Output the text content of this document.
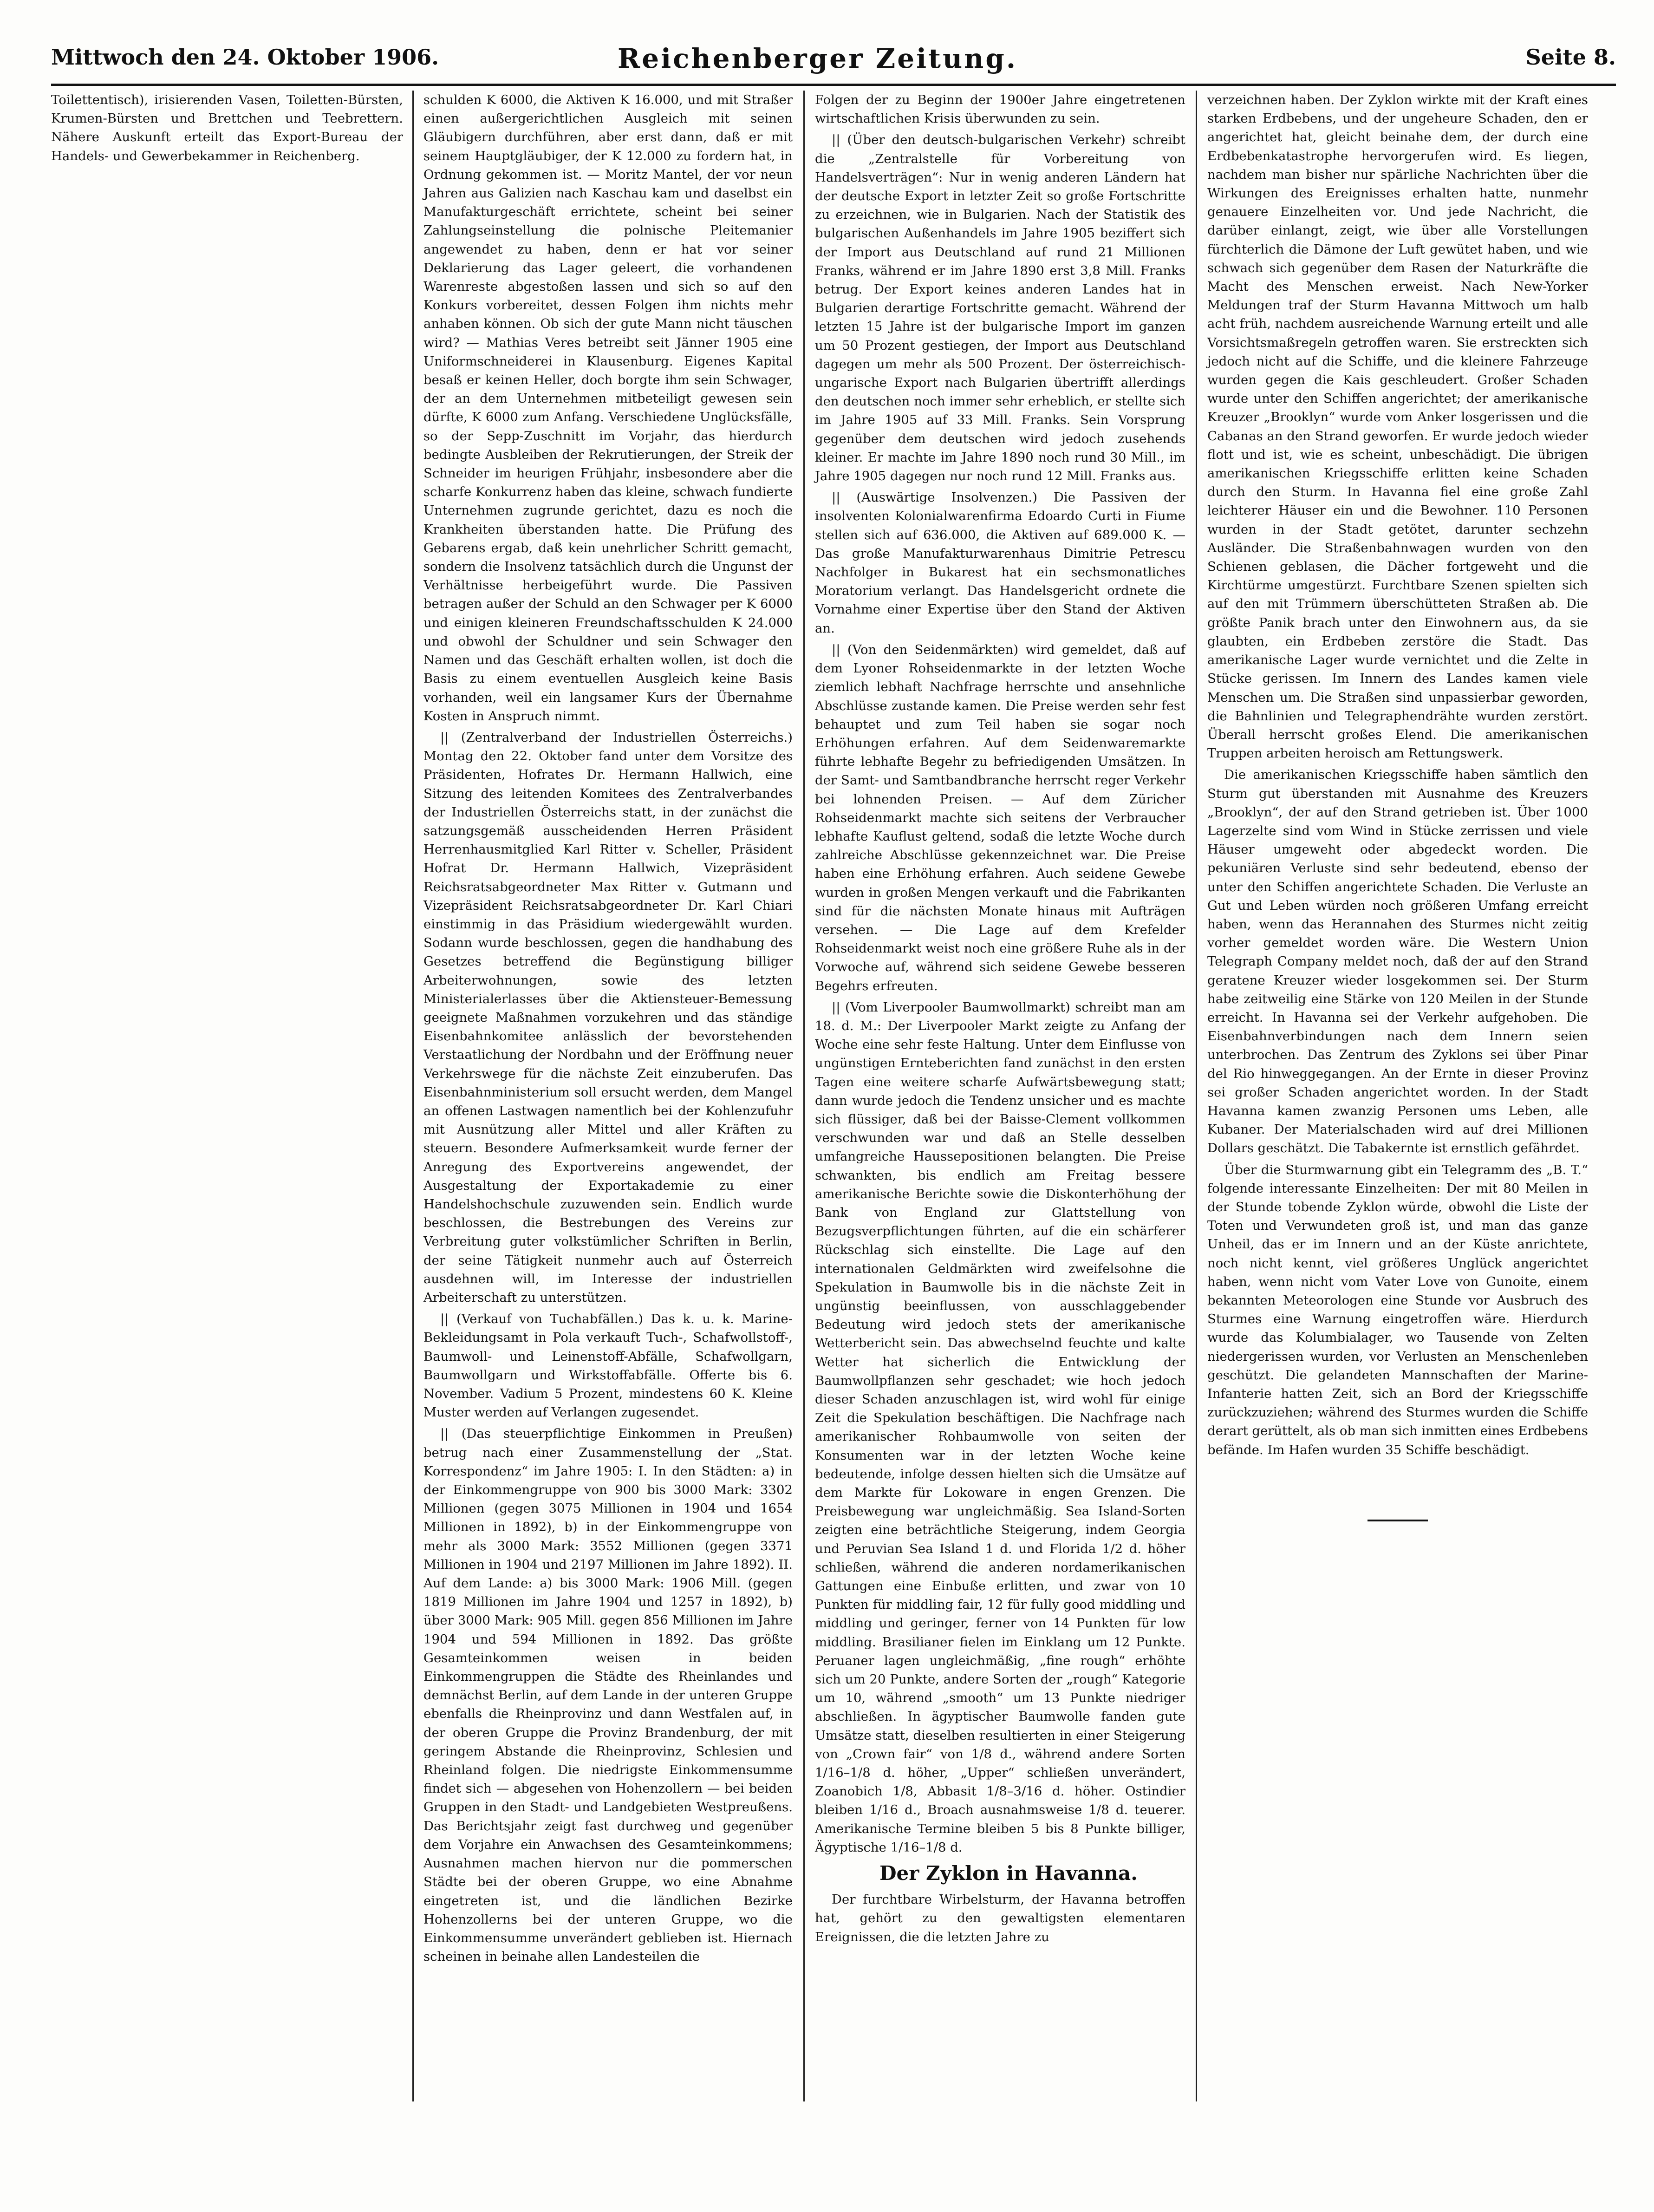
Mittwoch den 24. Oktober 1906.	Reichenberger Zeitung.	Seite 8.

Toilettentisch), irisierenden Vasen, Toiletten-Bürsten, Krumen-Bürsten und Brettchen und Teebrettern. Nähere Auskunft erteilt das Export-Bureau der Handels- und Gewerbekammer in Reichenberg.

schulden K 6000, die Aktiven K 16.000, und mit Straßer einen außergerichtlichen Ausgleich mit seinen Gläubigern durchführen, aber erst dann, daß er mit seinem Hauptgläubiger, der K 12.000 zu fordern hat, in Ordnung gekommen ist. — Moritz Mantel, der vor neun Jahren aus Galizien nach Kaschau kam und daselbst ein Manufakturgeschäft errichtete, scheint bei seiner Zahlungseinstellung die polnische Pleitemanier angewendet zu haben, denn er hat vor seiner Deklarierung das Lager geleert, die vorhandenen Warenreste abgestoßen lassen und sich so auf den Konkurs vorbereitet, dessen Folgen ihm nichts mehr anhaben können. Ob sich der gute Mann nicht täuschen wird? — Mathias Veres betreibt seit Jänner 1905 eine Uniformschneiderei in Klausenburg. Eigenes Kapital besaß er keinen Heller, doch borgte ihm sein Schwager, der an dem Unternehmen mitbeteiligt gewesen sein dürfte, K 6000 zum Anfang. Verschiedene Unglücksfälle, so der Sepp-Zuschnitt im Vorjahr, das hierdurch bedingte Ausbleiben der Rekrutierungen, der Streik der Schneider im heurigen Frühjahr, insbesondere aber die scharfe Konkurrenz haben das kleine, schwach fundierte Unternehmen zugrunde gerichtet, dazu es noch die Krankheiten überstanden hatte. Die Prüfung des Gebarens ergab, daß kein unehrlicher Schritt gemacht, sondern die Insolvenz tatsächlich durch die Ungunst der Verhältnisse herbeigeführt wurde. Die Passiven betragen außer der Schuld an den Schwager per K 6000 und einigen kleineren Freundschaftsschulden K 24.000 und obwohl der Schuldner und sein Schwager den Namen und das Geschäft erhalten wollen, ist doch die Basis zu einem eventuellen Ausgleich keine Basis vorhanden, weil ein langsamer Kurs der Übernahme Kosten in Anspruch nimmt.

|| (Zentralverband der Industriellen Österreichs.) Montag den 22. Oktober fand unter dem Vorsitze des Präsidenten, Hofrates Dr. Hermann Hallwich, eine Sitzung des leitenden Komitees des Zentralverbandes der Industriellen Österreichs statt, in der zunächst die satzungsgemäß ausscheidenden Herren Präsident Herrenhausmitglied Karl Ritter v. Scheller, Präsident Hofrat Dr. Hermann Hallwich, Vizepräsident Reichsratsabgeordneter Max Ritter v. Gutmann und Vizepräsident Reichsratsabgeordneter Dr. Karl Chiari einstimmig in das Präsidium wiedergewählt wurden. Sodann wurde beschlossen, gegen die handhabung des Gesetzes betreffend die Begünstigung billiger Arbeiterwohnungen, sowie des letzten Ministerialerlasses über die Aktiensteuer-Bemessung geeignete Maßnahmen vorzukehren und das ständige Eisenbahnkomitee anlässlich der bevorstehenden Verstaatlichung der Nordbahn und der Eröffnung neuer Verkehrswege für die nächste Zeit einzuberufen. Das Eisenbahnministerium soll ersucht werden, dem Mangel an offenen Lastwagen namentlich bei der Kohlenzufuhr mit Ausnützung aller Mittel und aller Kräften zu steuern. Besondere Aufmerksamkeit wurde ferner der Anregung des Exportvereins angewendet, der Ausgestaltung der Exportakademie zu einer Handelshochschule zuzuwenden sein. Endlich wurde beschlossen, die Bestrebungen des Vereins zur Verbreitung guter volkstümlicher Schriften in Berlin, der seine Tätigkeit nunmehr auch auf Österreich ausdehnen will, im Interesse der industriellen Arbeiterschaft zu unterstützen.

|| (Verkauf von Tuchabfällen.) Das k. u. k. Marine-Bekleidungsamt in Pola verkauft Tuch-, Schafwollstoff-, Baumwoll- und Leinenstoff-Abfälle, Schafwollgarn, Baumwollgarn und Wirkstoffabfälle. Offerte bis 6. November. Vadium 5 Prozent, mindestens 60 K. Kleine Muster werden auf Verlangen zugesendet.

|| (Das steuerpflichtige Einkommen in Preußen) betrug nach einer Zusammenstellung der „Stat. Korrespondenz“ im Jahre 1905: I. In den Städten: a) in der Einkommengruppe von 900 bis 3000 Mark: 3302 Millionen (gegen 3075 Millionen in 1904 und 1654 Millionen in 1892), b) in der Einkommengruppe von mehr als 3000 Mark: 3552 Millionen (gegen 3371 Millionen in 1904 und 2197 Millionen im Jahre 1892). II. Auf dem Lande: a) bis 3000 Mark: 1906 Mill. (gegen 1819 Millionen im Jahre 1904 und 1257 in 1892), b) über 3000 Mark: 905 Mill. gegen 856 Millionen im Jahre 1904 und 594 Millionen in 1892. Das größte Gesamteinkommen weisen in beiden Einkommengruppen die Städte des Rheinlandes und demnächst Berlin, auf dem Lande in der unteren Gruppe ebenfalls die Rheinprovinz und dann Westfalen auf, in der oberen Gruppe die Provinz Brandenburg, der mit geringem Abstande die Rheinprovinz, Schlesien und Rheinland folgen. Die niedrigste Einkommensumme findet sich — abgesehen von Hohenzollern — bei beiden Gruppen in den Stadt- und Landgebieten Westpreußens. Das Berichtsjahr zeigt fast durchweg und gegenüber dem Vorjahre ein Anwachsen des Gesamteinkommens; Ausnahmen machen hiervon nur die pommerschen Städte bei der oberen Gruppe, wo eine Abnahme eingetreten ist, und die ländlichen Bezirke Hohenzollerns bei der unteren Gruppe, wo die Einkommensumme unverändert geblieben ist. Hiernach scheinen in beinahe allen Landesteilen die

Folgen der zu Beginn der 1900er Jahre eingetretenen wirtschaftlichen Krisis überwunden zu sein.

|| (Über den deutsch-bulgarischen Verkehr) schreibt die „Zentralstelle für Vorbereitung von Handelsverträgen“: Nur in wenig anderen Ländern hat der deutsche Export in letzter Zeit so große Fortschritte zu erzeichnen, wie in Bulgarien. Nach der Statistik des bulgarischen Außenhandels im Jahre 1905 beziffert sich der Import aus Deutschland auf rund 21 Millionen Franks, während er im Jahre 1890 erst 3,8 Mill. Franks betrug. Der Export keines anderen Landes hat in Bulgarien derartige Fortschritte gemacht. Während der letzten 15 Jahre ist der bulgarische Import im ganzen um 50 Prozent gestiegen, der Import aus Deutschland dagegen um mehr als 500 Prozent. Der österreichisch-ungarische Export nach Bulgarien übertrifft allerdings den deutschen noch immer sehr erheblich, er stellte sich im Jahre 1905 auf 33 Mill. Franks. Sein Vorsprung gegenüber dem deutschen wird jedoch zusehends kleiner. Er machte im Jahre 1890 noch rund 30 Mill., im Jahre 1905 dagegen nur noch rund 12 Mill. Franks aus.

|| (Auswärtige Insolvenzen.) Die Passiven der insolventen Kolonialwarenfirma Edoardo Curti in Fiume stellen sich auf 636.000, die Aktiven auf 689.000 K. — Das große Manufakturwarenhaus Dimitrie Petrescu Nachfolger in Bukarest hat ein sechsmonatliches Moratorium verlangt. Das Handelsgericht ordnete die Vornahme einer Expertise über den Stand der Aktiven an.

|| (Von den Seidenmärkten) wird gemeldet, daß auf dem Lyoner Rohseidenmarkte in der letzten Woche ziemlich lebhaft Nachfrage herrschte und ansehnliche Abschlüsse zustande kamen. Die Preise werden sehr fest behauptet und zum Teil haben sie sogar noch Erhöhungen erfahren. Auf dem Seidenwaremarkte führte lebhafte Begehr zu befriedigenden Umsätzen. In der Samt- und Samtbandbranche herrscht reger Verkehr bei lohnenden Preisen. — Auf dem Züricher Rohseidenmarkt machte sich seitens der Verbraucher lebhafte Kauflust geltend, sodaß die letzte Woche durch zahlreiche Abschlüsse gekennzeichnet war. Die Preise haben eine Erhöhung erfahren. Auch seidene Gewebe wurden in großen Mengen verkauft und die Fabrikanten sind für die nächsten Monate hinaus mit Aufträgen versehen. — Die Lage auf dem Krefelder Rohseidenmarkt weist noch eine größere Ruhe als in der Vorwoche auf, während sich seidene Gewebe besseren Begehrs erfreuten.

|| (Vom Liverpooler Baumwollmarkt) schreibt man am 18. d. M.: Der Liverpooler Markt zeigte zu Anfang der Woche eine sehr feste Haltung. Unter dem Einflusse von ungünstigen Ernteberichten fand zunächst in den ersten Tagen eine weitere scharfe Aufwärtsbewegung statt; dann wurde jedoch die Tendenz unsicher und es machte sich flüssiger, daß bei der Baisse-Clement vollkommen verschwunden war und daß an Stelle desselben umfangreiche Haussepositionen belangten. Die Preise schwankten, bis endlich am Freitag bessere amerikanische Berichte sowie die Diskonterhöhung der Bank von England zur Glattstellung von Bezugsverpflichtungen führten, auf die ein schärferer Rückschlag sich einstellte. Die Lage auf den internationalen Geldmärkten wird zweifelsohne die Spekulation in Baumwolle bis in die nächste Zeit in ungünstig beeinflussen, von ausschlaggebender Bedeutung wird jedoch stets der amerikanische Wetterbericht sein. Das abwechselnd feuchte und kalte Wetter hat sicherlich die Entwicklung der Baumwollpflanzen sehr geschadet; wie hoch jedoch dieser Schaden anzuschlagen ist, wird wohl für einige Zeit die Spekulation beschäftigen. Die Nachfrage nach amerikanischer Rohbaumwolle von seiten der Konsumenten war in der letzten Woche keine bedeutende, infolge dessen hielten sich die Umsätze auf dem Markte für Lokoware in engen Grenzen. Die Preisbewegung war ungleichmäßig. Sea Island-Sorten zeigten eine beträchtliche Steigerung, indem Georgia und Peruvian Sea Island 1 d. und Florida 1/2 d. höher schließen, während die anderen nordamerikanischen Gattungen eine Einbuße erlitten, und zwar von 10 Punkten für middling fair, 12 für fully good middling und middling und geringer, ferner von 14 Punkten für low middling. Brasilianer fielen im Einklang um 12 Punkte. Peruaner lagen ungleichmäßig, „fine rough“ erhöhte sich um 20 Punkte, andere Sorten der „rough“ Kategorie um 10, während „smooth“ um 13 Punkte niedriger abschließen. In ägyptischer Baumwolle fanden gute Umsätze statt, dieselben resultierten in einer Steigerung von „Crown fair“ von 1/8 d., während andere Sorten 1/16–1/8 d. höher, „Upper“ schließen unverändert, Zoanobich 1/8, Abbasit 1/8–3/16 d. höher. Ostindier bleiben 1/16 d., Broach ausnahmsweise 1/8 d. teuerer. Amerikanische Termine bleiben 5 bis 8 Punkte billiger, Ägyptische 1/16–1/8 d.

Der Zyklon in Havanna.

Der furchtbare Wirbelsturm, der Havanna betroffen hat, gehört zu den gewaltigsten elementaren Ereignissen, die die letzten Jahre zu

verzeichnen haben. Der Zyklon wirkte mit der Kraft eines starken Erdbebens, und der ungeheure Schaden, den er angerichtet hat, gleicht beinahe dem, der durch eine Erdbebenkatastrophe hervorgerufen wird. Es liegen, nachdem man bisher nur spärliche Nachrichten über die Wirkungen des Ereignisses erhalten hatte, nunmehr genauere Einzelheiten vor. Und jede Nachricht, die darüber einlangt, zeigt, wie über alle Vorstellungen fürchterlich die Dämone der Luft gewütet haben, und wie schwach sich gegenüber dem Rasen der Naturkräfte die Macht des Menschen erweist. Nach New-Yorker Meldungen traf der Sturm Havanna Mittwoch um halb acht früh, nachdem ausreichende Warnung erteilt und alle Vorsichtsmaßregeln getroffen waren. Sie erstreckten sich jedoch nicht auf die Schiffe, und die kleinere Fahrzeuge wurden gegen die Kais geschleudert. Großer Schaden wurde unter den Schiffen angerichtet; der amerikanische Kreuzer „Brooklyn“ wurde vom Anker losgerissen und die Cabanas an den Strand geworfen. Er wurde jedoch wieder flott und ist, wie es scheint, unbeschädigt. Die übrigen amerikanischen Kriegsschiffe erlitten keine Schaden durch den Sturm. In Havanna fiel eine große Zahl leichterer Häuser ein und die Bewohner. 110 Personen wurden in der Stadt getötet, darunter sechzehn Ausländer. Die Straßenbahnwagen wurden von den Schienen geblasen, die Dächer fortgeweht und die Kirchtürme umgestürzt. Furchtbare Szenen spielten sich auf den mit Trümmern überschütteten Straßen ab. Die größte Panik brach unter den Einwohnern aus, da sie glaubten, ein Erdbeben zerstöre die Stadt. Das amerikanische Lager wurde vernichtet und die Zelte in Stücke gerissen. Im Innern des Landes kamen viele Menschen um. Die Straßen sind unpassierbar geworden, die Bahnlinien und Telegraphendrähte wurden zerstört. Überall herrscht großes Elend. Die amerikanischen Truppen arbeiten heroisch am Rettungswerk.

Die amerikanischen Kriegsschiffe haben sämtlich den Sturm gut überstanden mit Ausnahme des Kreuzers „Brooklyn“, der auf den Strand getrieben ist. Über 1000 Lagerzelte sind vom Wind in Stücke zerrissen und viele Häuser umgeweht oder abgedeckt worden. Die pekuniären Verluste sind sehr bedeutend, ebenso der unter den Schiffen angerichtete Schaden. Die Verluste an Gut und Leben würden noch größeren Umfang erreicht haben, wenn das Herannahen des Sturmes nicht zeitig vorher gemeldet worden wäre. Die Western Union Telegraph Company meldet noch, daß der auf den Strand geratene Kreuzer wieder losgekommen sei. Der Sturm habe zeitweilig eine Stärke von 120 Meilen in der Stunde erreicht. In Havanna sei der Verkehr aufgehoben. Die Eisenbahnverbindungen nach dem Innern seien unterbrochen. Das Zentrum des Zyklons sei über Pinar del Rio hinweggegangen. An der Ernte in dieser Provinz sei großer Schaden angerichtet worden. In der Stadt Havanna kamen zwanzig Personen ums Leben, alle Kubaner. Der Materialschaden wird auf drei Millionen Dollars geschätzt. Die Tabakernte ist ernstlich gefährdet.

Über die Sturmwarnung gibt ein Telegramm des „B. T.“ folgende interessante Einzelheiten: Der mit 80 Meilen in der Stunde tobende Zyklon würde, obwohl die Liste der Toten und Verwundeten groß ist, und man das ganze Unheil, das er im Innern und an der Küste anrichtete, noch nicht kennt, viel größeres Unglück angerichtet haben, wenn nicht vom Vater Love von Gunoite, einem bekannten Meteorologen eine Stunde vor Ausbruch des Sturmes eine Warnung eingetroffen wäre. Hierdurch wurde das Kolumbialager, wo Tausende von Zelten niedergerissen wurden, vor Verlusten an Menschenleben geschützt. Die gelandeten Mannschaften der Marine-Infanterie hatten Zeit, sich an Bord der Kriegsschiffe zurückzuziehen; während des Sturmes wurden die Schiffe derart gerüttelt, als ob man sich inmitten eines Erdbebens befände. Im Hafen wurden 35 Schiffe beschädigt.
